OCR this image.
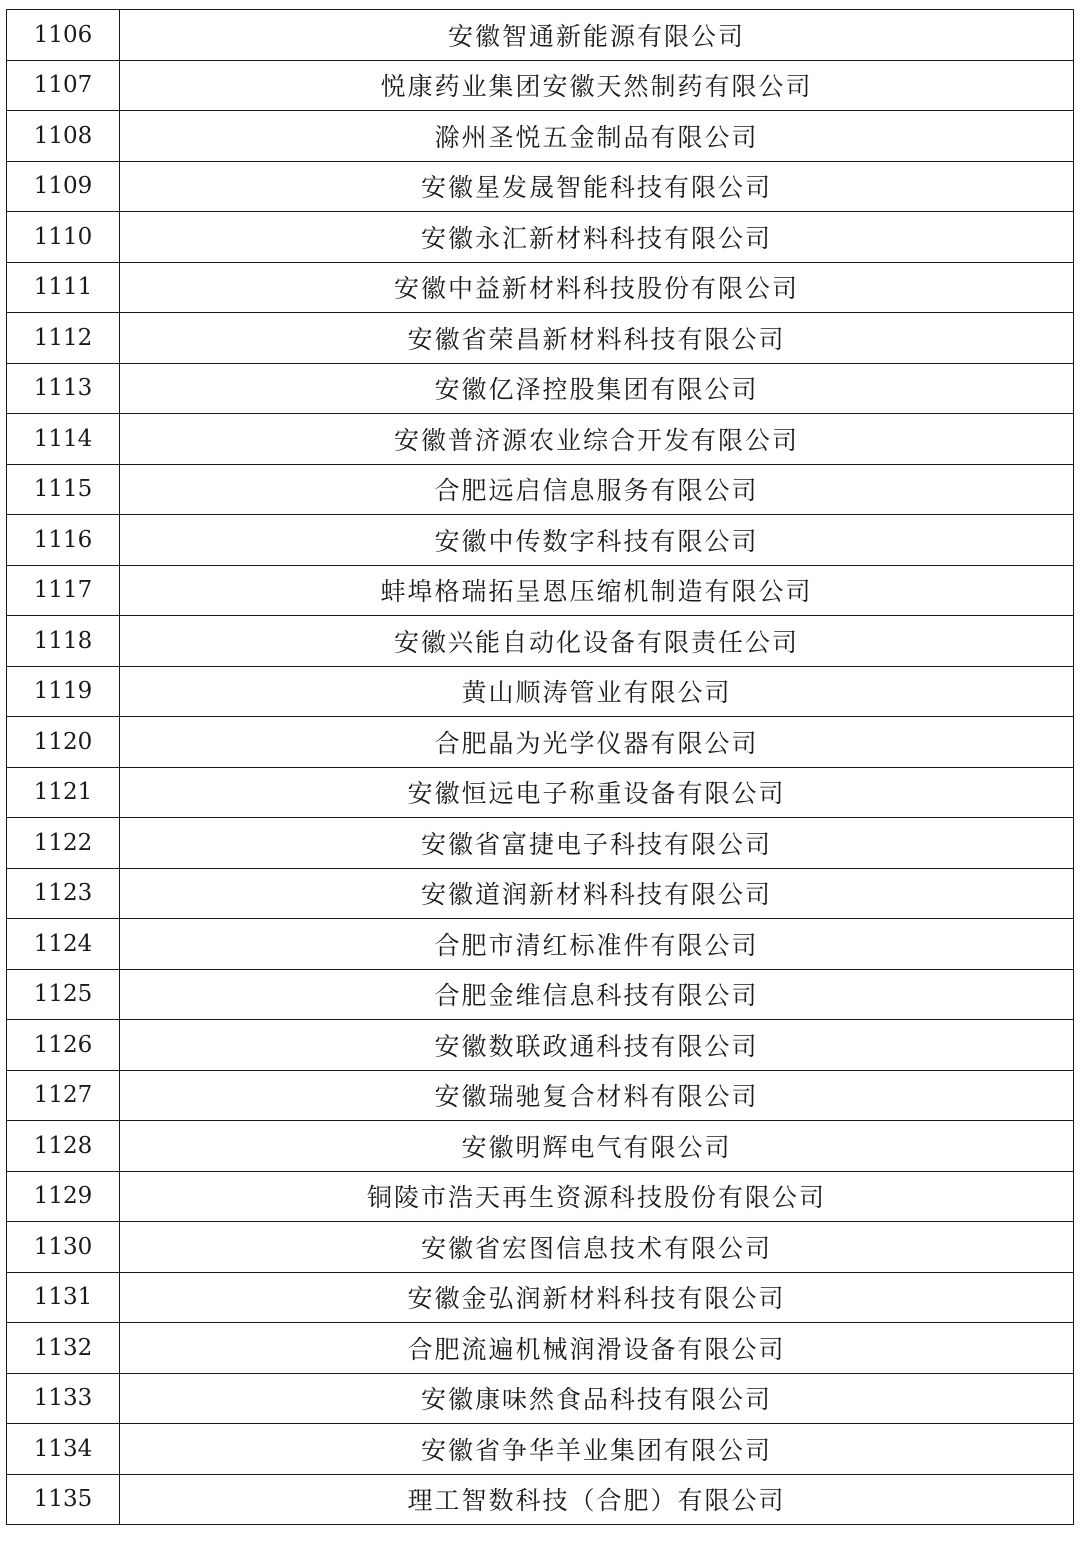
1106	安徽智通新能源有限公司
1107	悦康药业集团安徽天然制药有限公司
1108	滁州圣悦五金制品有限公司
1109	安徽星发晟智能科技有限公司
1110	安徽永汇新材料科技有限公司
1111	安徽中益新材料科技股份有限公司
1112	安徽省荣昌新材料科技有限公司
1113	安徽亿泽控股集团有限公司
1114	安徽普济源农业综合开发有限公司
1115	合肥远启信息服务有限公司
1116	安徽中传数字科技有限公司
1117	蚌埠格瑞拓呈恩压缩机制造有限公司
1118	安徽兴能自动化设备有限责任公司
1119	黄山顺涛管业有限公司
1120	合肥晶为光学仪器有限公司
1121	安徽恒远电子称重设备有限公司
1122	安徽省富捷电子科技有限公司
1123	安徽道润新材料科技有限公司
1124	合肥市清红标准件有限公司
1125	合肥金维信息科技有限公司
1126	安徽数联政通科技有限公司
1127	安徽瑞驰复合材料有限公司
1128	安徽明辉电气有限公司
1129	铜陵市浩天再生资源科技股份有限公司
1130	安徽省宏图信息技术有限公司
1131	安徽金弘润新材料科技有限公司
1132	合肥流遍机械润滑设备有限公司
1133	安徽康味然食品科技有限公司
1134	安徽省争华羊业集团有限公司
1135	理工智数科技（合肥）有限公司
